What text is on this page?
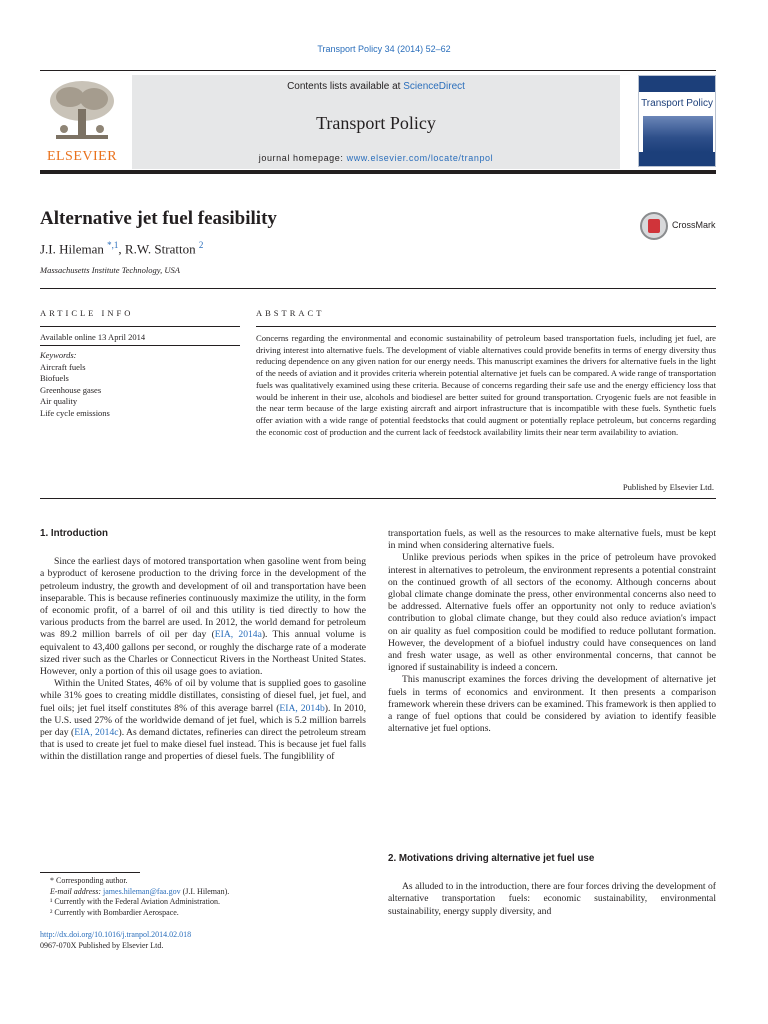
Transport Policy 34 (2014) 52–62
ELSEVIER
Contents lists available at ScienceDirect
Transport Policy
journal homepage: www.elsevier.com/locate/tranpol
Transport Policy
Alternative jet fuel feasibility	CrossMark
J.I. Hileman $^{*,1}$, R.W. Stratton $^2$
Massachusetts Institute Technology, USA
ARTICLE INFO	ABSTRACT
Available online 13 April 2014
Keywords:
Aircraft fuels
Biofuels
Greenhouse gases
Air quality
Life cycle emissions
Concerns regarding the environmental and economic sustainability of petroleum based transportation fuels, including jet fuel, are driving interest into alternative fuels. The development of viable alternatives could provide benefits in terms of energy diversity thus reducing dependence on any given nation for our energy needs. This manuscript examines the drivers for alternative fuels in the light of the needs of aviation and it provides criteria wherein potential alternative jet fuels can be compared. A wide range of transportation fuels was qualitatively examined using these criteria. Because of concerns regarding their safe use and the energy efficiency loss that would be inherent in their use, alcohols and biodiesel are better suited for ground transportation. Cryogenic fuels are not feasible in the near term because of the large existing aircraft and airport infrastructure that is incompatible with these fuels. Synthetic fuels offer aviation with a wide range of potential feedstocks that could augment or potentially replace petroleum, but concerns regarding the economic cost of production and the current lack of feedstock availability limits their near term availability to aviation.
Published by Elsevier Ltd.
1. Introduction

Since the earliest days of motored transportation when gasoline went from being a byproduct of kerosene production to the driving force in the development of the petroleum industry, the growth and development of oil and transportation have been inseparable. This is because refineries continuously maximize the utility, in the form of economic profit, of a barrel of oil and this utility is tied directly to how the various products from the barrel are used. In 2012, the world demand for petroleum was 89.2 million barrels of oil per day (EIA, 2014a). This annual volume is equivalent to 43,400 gallons per second, or roughly the discharge rate of a moderate sized river such as the Charles or Connecticut Rivers in the Northeast United States. However, only a portion of this oil usage goes to aviation.

Within the United States, 46% of oil by volume that is supplied goes to gasoline while 31% goes to creating middle distillates, consisting of diesel fuel, jet fuel, and fuel oils; jet fuel itself constitutes 8% of this average barrel (EIA, 2014b). In 2010, the U.S. used 27% of the worldwide demand of jet fuel, which is 5.2 million barrels per day (EIA, 2014c). As demand dictates, refineries can direct the petroleum stream that is used to create jet fuel to make diesel fuel instead. This is because jet fuel falls within the distillation range and properties of diesel fuels. The fungiblility of

transportation fuels, as well as the resources to make alternative fuels, must be kept in mind when considering alternative fuels.

Unlike previous periods when spikes in the price of petroleum have provoked interest in alternatives to petroleum, the environment represents a potential constraint on the continued growth of all sectors of the economy. Although concerns about global climate change dominate the press, other environmental concerns also need to be addressed. Alternative fuels offer an opportunity not only to reduce aviation's contribution to global climate change, but they could also reduce aviation's impact on air quality as fuel composition could be modified to reduce pollutant formation. However, the development of a biofuel industry could have consequences on land and fresh water usage, as well as other environmental concerns, that cannot be ignored if sustainability is indeed a concern.

This manuscript examines the forces driving the development of alternative jet fuels in terms of economics and environment. It then presents a comparison framework wherein these drivers can be examined. This framework is then applied to a range of fuel options that could be considered by aviation to identify feasible alternative jet fuel options.

2. Motivations driving alternative jet fuel use

As alluded to in the introduction, there are four forces driving the development of alternative transportation fuels: economic sustainability, environmental sustainability, energy supply diversity, and

* Corresponding author.
E-mail address: james.hileman@faa.gov (J.I. Hileman).
¹ Currently with the Federal Aviation Administration.
² Currently with Bombardier Aerospace.
http://dx.doi.org/10.1016/j.tranpol.2014.02.018
0967-070X Published by Elsevier Ltd.
